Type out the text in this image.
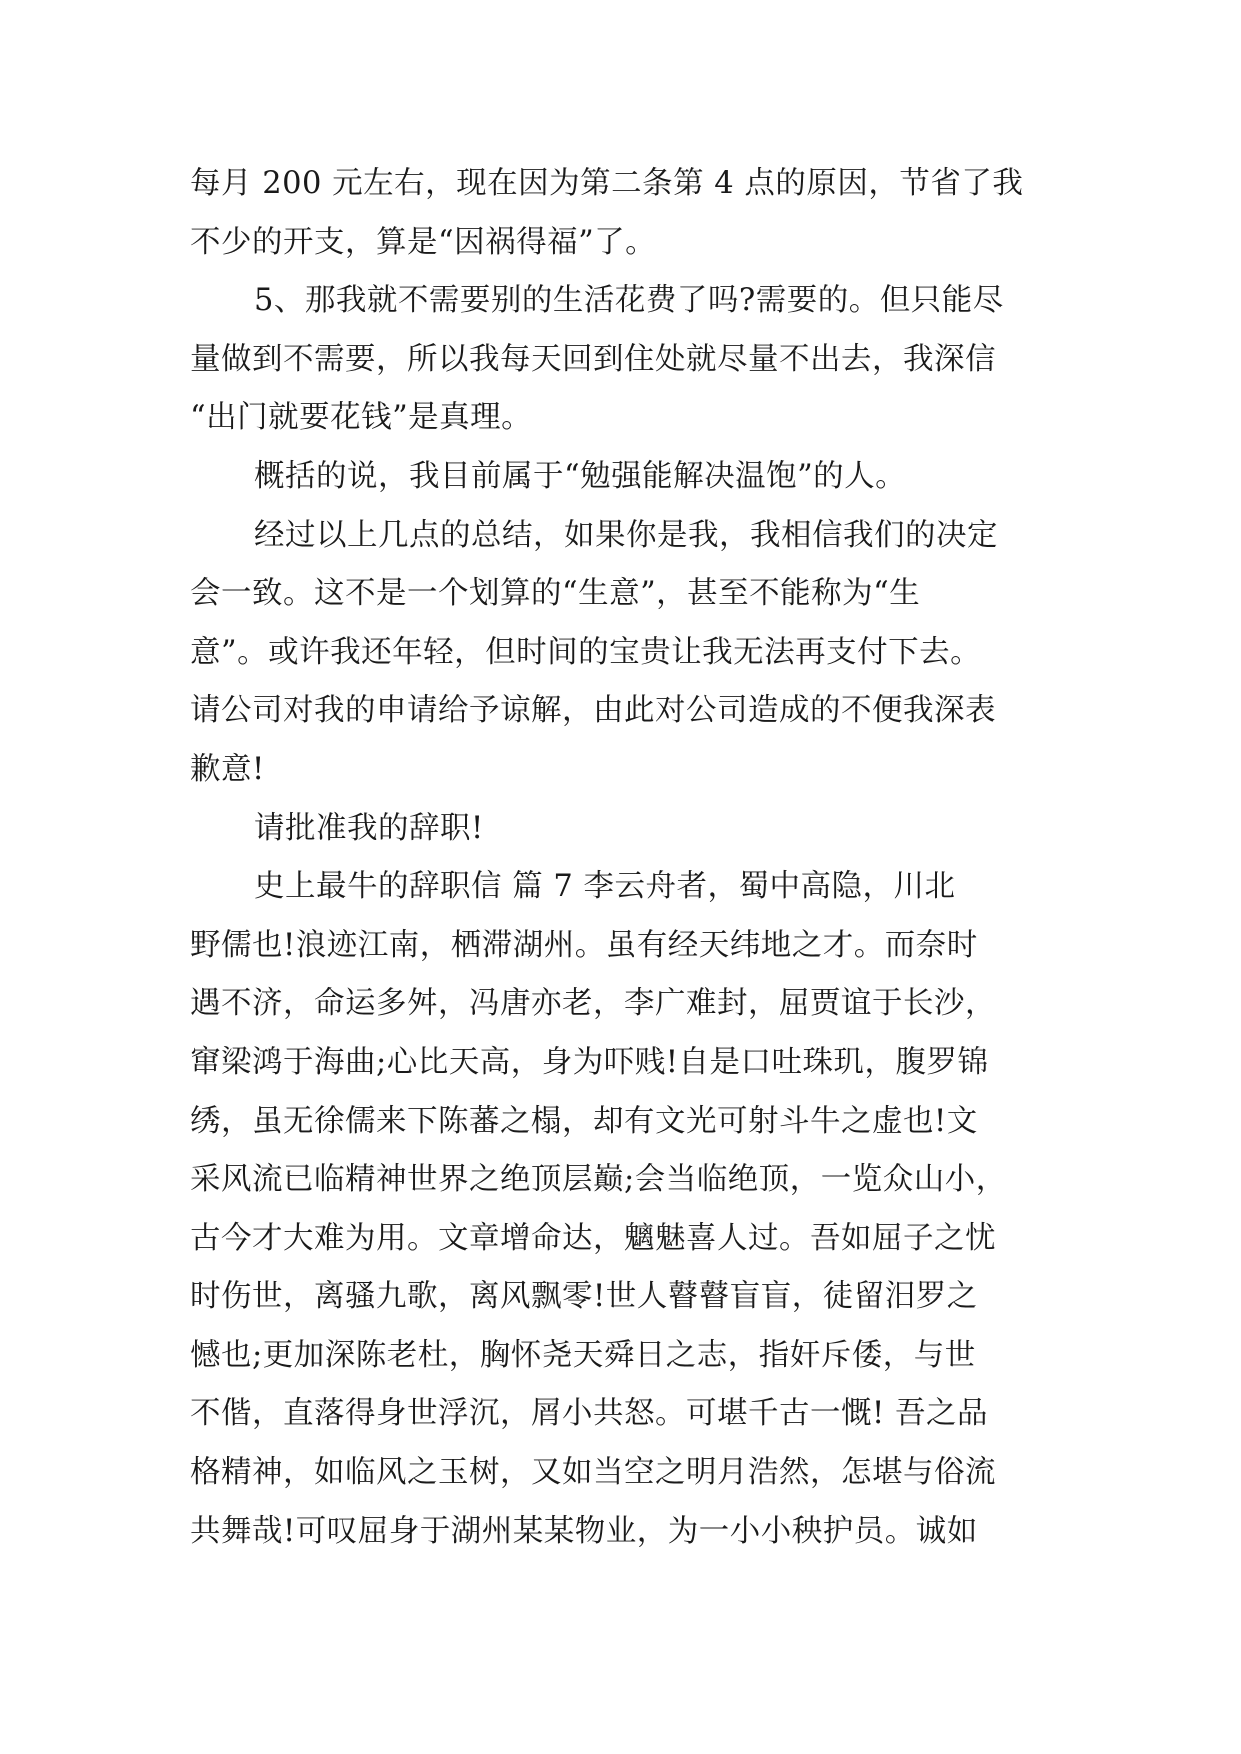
每月 200 元左右，现在因为第二条第 4 点的原因，节省了我
不少的开支，算是“因祸得福”了。
5、那我就不需要别的生活花费了吗?需要的。但只能尽
量做到不需要，所以我每天回到住处就尽量不出去，我深信
“出门就要花钱”是真理。
概括的说，我目前属于“勉强能解决温饱”的人。
经过以上几点的总结，如果你是我，我相信我们的决定
会一致。这不是一个划算的“生意”，甚至不能称为“生
意”。或许我还年轻，但时间的宝贵让我无法再支付下去。
请公司对我的申请给予谅解，由此对公司造成的不便我深表
歉意!
请批准我的辞职!
史上最牛的辞职信 篇 7 李云舟者，蜀中高隐，川北
野儒也!浪迹江南，栖滞湖州。虽有经天纬地之才。而奈时
遇不济，命运多舛，冯唐亦老，李广难封，屈贾谊于长沙，
窜梁鸿于海曲;心比天高，身为吓贱!自是口吐珠玑，腹罗锦
绣，虽无徐儒来下陈蕃之榻，却有文光可射斗牛之虚也!文
采风流已临精神世界之绝顶层巅;会当临绝顶，一览众山小，
古今才大难为用。文章增命达，魑魅喜人过。吾如屈子之忧
时伤世，离骚九歌，离风飘零!世人瞽瞽盲盲，徒留汨罗之
憾也;更加深陈老杜，胸怀尧天舜日之志，指奸斥倭，与世
不偕，直落得身世浮沉，屑小共怒。可堪千古一慨! 吾之品
格精神，如临风之玉树，又如当空之明月浩然，怎堪与俗流
共舞哉!可叹屈身于湖州某某物业，为一小小秧护员。诚如
